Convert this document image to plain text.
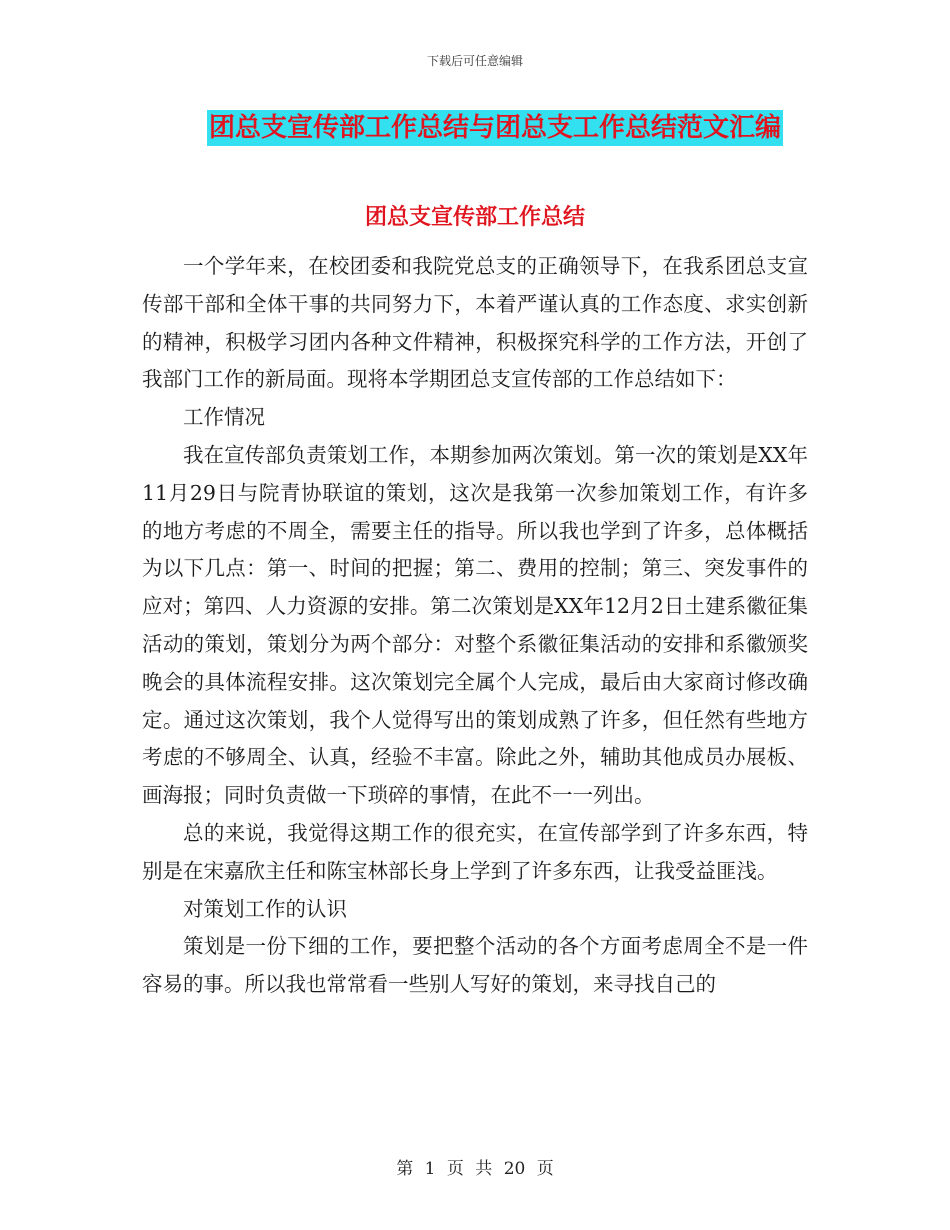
下载后可任意编辑
团总支宣传部工作总结与团总支工作总结范文汇编
团总支宣传部工作总结

一个学年来，在校团委和我院党总支的正确领导下，在我系团总支宣传部干部和全体干事的共同努力下，本着严谨认真的工作态度、求实创新的精神，积极学习团内各种文件精神，积极探究科学的工作方法，开创了我部门工作的新局面。现将本学期团总支宣传部的工作总结如下：

工作情况

我在宣传部负责策划工作，本期参加两次策划。第一次的策划是XX年11月29日与院青协联谊的策划，这次是我第一次参加策划工作，有许多的地方考虑的不周全，需要主任的指导。所以我也学到了许多，总体概括为以下几点：第一、时间的把握；第二、费用的控制；第三、突发事件的应对；第四、人力资源的安排。第二次策划是XX年12月2日土建系徽征集活动的策划，策划分为两个部分：对整个系徽征集活动的安排和系徽颁奖晚会的具体流程安排。这次策划完全属个人完成，最后由大家商讨修改确定。通过这次策划，我个人觉得写出的策划成熟了许多，但任然有些地方考虑的不够周全、认真，经验不丰富。除此之外，辅助其他成员办展板、画海报；同时负责做一下琐碎的事情，在此不一一列出。

总的来说，我觉得这期工作的很充实，在宣传部学到了许多东西，特别是在宋嘉欣主任和陈宝林部长身上学到了许多东西，让我受益匪浅。

对策划工作的认识

策划是一份下细的工作，要把整个活动的各个方面考虑周全不是一件容易的事。所以我也常常看一些别人写好的策划，来寻找自己的

第 1 页 共 20 页
